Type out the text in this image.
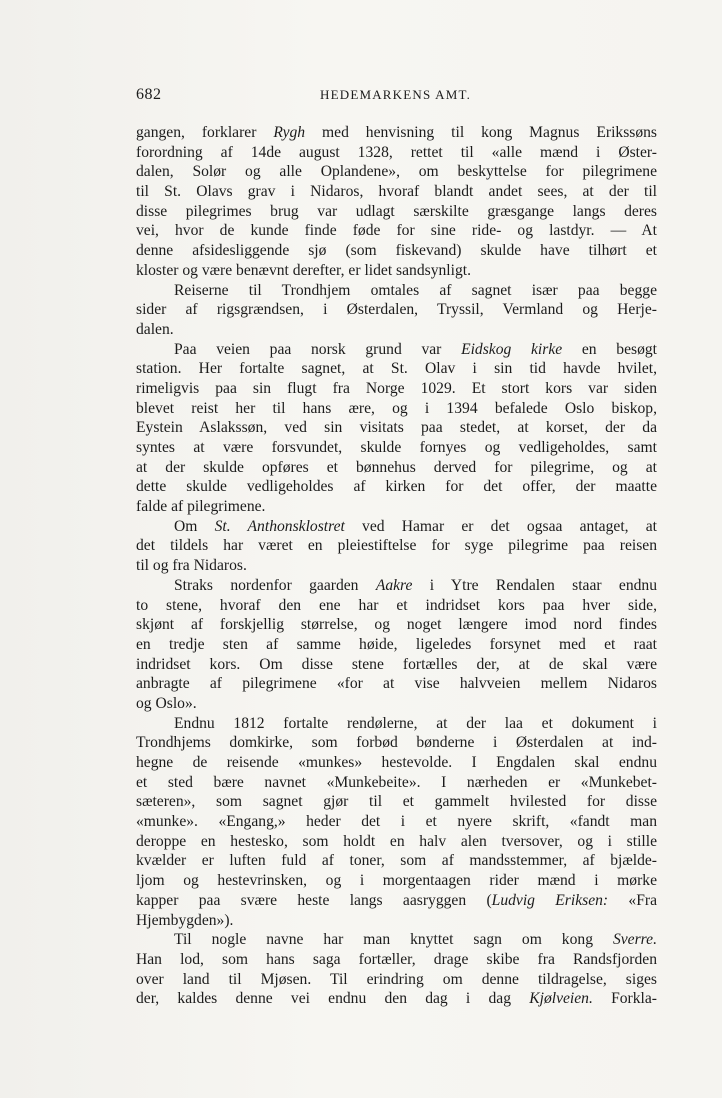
682	HEDEMARKENS AMT.
gangen, forklarer Rygh med henvisning til kong Magnus Erikssøns
forordning af 14de august 1328, rettet til «alle mænd i Øster-
dalen, Solør og alle Oplandene», om beskyttelse for pilegrimene
til St. Olavs grav i Nidaros, hvoraf blandt andet sees, at der til
disse pilegrimes brug var udlagt særskilte græsgange langs deres
vei, hvor de kunde finde føde for sine ride- og lastdyr. — At
denne afsidesliggende sjø (som fiskevand) skulde have tilhørt et
kloster og være benævnt derefter, er lidet sandsynligt.
Reiserne til Trondhjem omtales af sagnet især paa begge
sider af rigsgrændsen, i Østerdalen, Tryssil, Vermland og Herje-
dalen.
Paa veien paa norsk grund var Eidskog kirke en besøgt
station. Her fortalte sagnet, at St. Olav i sin tid havde hvilet,
rimeligvis paa sin flugt fra Norge 1029. Et stort kors var siden
blevet reist her til hans ære, og i 1394 befalede Oslo biskop,
Eystein Aslakssøn, ved sin visitats paa stedet, at korset, der da
syntes at være forsvundet, skulde fornyes og vedligeholdes, samt
at der skulde opføres et bønnehus derved for pilegrime, og at
dette skulde vedligeholdes af kirken for det offer, der maatte
falde af pilegrimene.
Om St. Anthonsklostret ved Hamar er det ogsaa antaget, at
det tildels har været en pleiestiftelse for syge pilegrime paa reisen
til og fra Nidaros.
Straks nordenfor gaarden Aakre i Ytre Rendalen staar endnu
to stene, hvoraf den ene har et indridset kors paa hver side,
skjønt af forskjellig størrelse, og noget længere imod nord findes
en tredje sten af samme høide, ligeledes forsynet med et raat
indridset kors. Om disse stene fortælles der, at de skal være
anbragte af pilegrimene «for at vise halvveien mellem Nidaros
og Oslo».
Endnu 1812 fortalte rendølerne, at der laa et dokument i
Trondhjems domkirke, som forbød bønderne i Østerdalen at ind-
hegne de reisende «munkes» hestevolde. I Engdalen skal endnu
et sted bære navnet «Munkebeite». I nærheden er «Munkebet-
sæteren», som sagnet gjør til et gammelt hvilested for disse
«munke». «Engang,» heder det i et nyere skrift, «fandt man
deroppe en hestesko, som holdt en halv alen tversover, og i stille
kvælder er luften fuld af toner, som af mandsstemmer, af bjælde-
ljom og hestevrinsken, og i morgentaagen rider mænd i mørke
kapper paa svære heste langs aasryggen (Ludvig Eriksen: «Fra
Hjembygden»).
Til nogle navne har man knyttet sagn om kong Sverre.
Han lod, som hans saga fortæller, drage skibe fra Randsfjorden
over land til Mjøsen. Til erindring om denne tildragelse, siges
der, kaldes denne vei endnu den dag i dag Kjølveien. Forkla-
